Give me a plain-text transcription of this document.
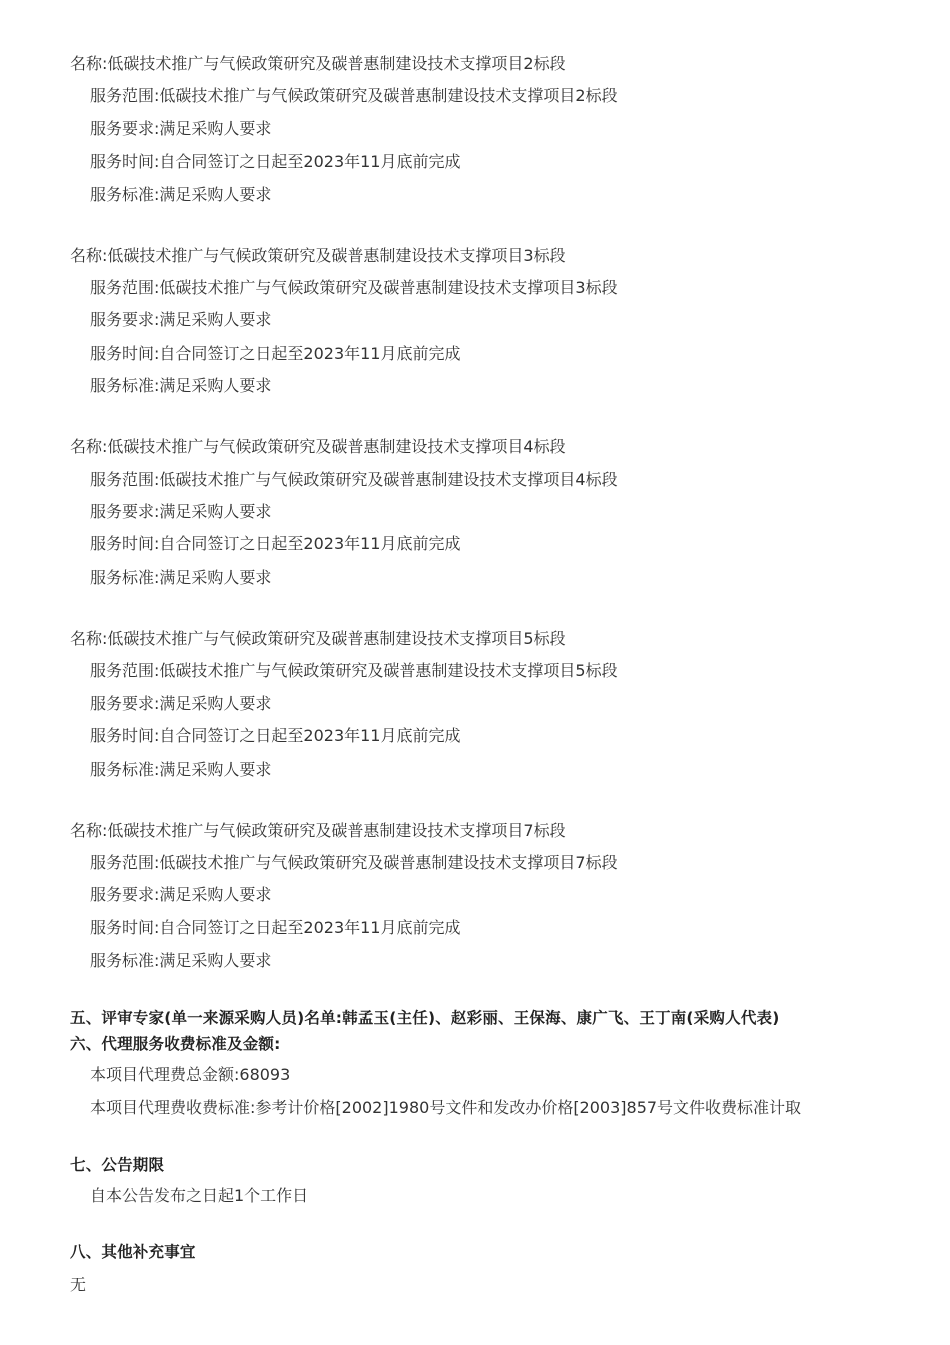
名称:低碳技术推广与气候政策研究及碳普惠制建设技术支撑项目2标段
服务范围:低碳技术推广与气候政策研究及碳普惠制建设技术支撑项目2标段
服务要求:满足采购人要求
服务时间:自合同签订之日起至2023年11月底前完成
服务标准:满足采购人要求
名称:低碳技术推广与气候政策研究及碳普惠制建设技术支撑项目3标段
服务范围:低碳技术推广与气候政策研究及碳普惠制建设技术支撑项目3标段
服务要求:满足采购人要求
服务时间:自合同签订之日起至2023年11月底前完成
服务标准:满足采购人要求
名称:低碳技术推广与气候政策研究及碳普惠制建设技术支撑项目4标段
服务范围:低碳技术推广与气候政策研究及碳普惠制建设技术支撑项目4标段
服务要求:满足采购人要求
服务时间:自合同签订之日起至2023年11月底前完成
服务标准:满足采购人要求
名称:低碳技术推广与气候政策研究及碳普惠制建设技术支撑项目5标段
服务范围:低碳技术推广与气候政策研究及碳普惠制建设技术支撑项目5标段
服务要求:满足采购人要求
服务时间:自合同签订之日起至2023年11月底前完成
服务标准:满足采购人要求
名称:低碳技术推广与气候政策研究及碳普惠制建设技术支撑项目7标段
服务范围:低碳技术推广与气候政策研究及碳普惠制建设技术支撑项目7标段
服务要求:满足采购人要求
服务时间:自合同签订之日起至2023年11月底前完成
服务标准:满足采购人要求
五、评审专家(单一来源采购人员)名单:韩孟玉(主任)、赵彩丽、王保海、康广飞、王丁南(采购人代表)
六、代理服务收费标准及金额:
本项目代理费总金额:68093
本项目代理费收费标准:参考计价格[2002]1980号文件和发改办价格[2003]857号文件收费标准计取
七、公告期限
自本公告发布之日起1个工作日
八、其他补充事宜
无
